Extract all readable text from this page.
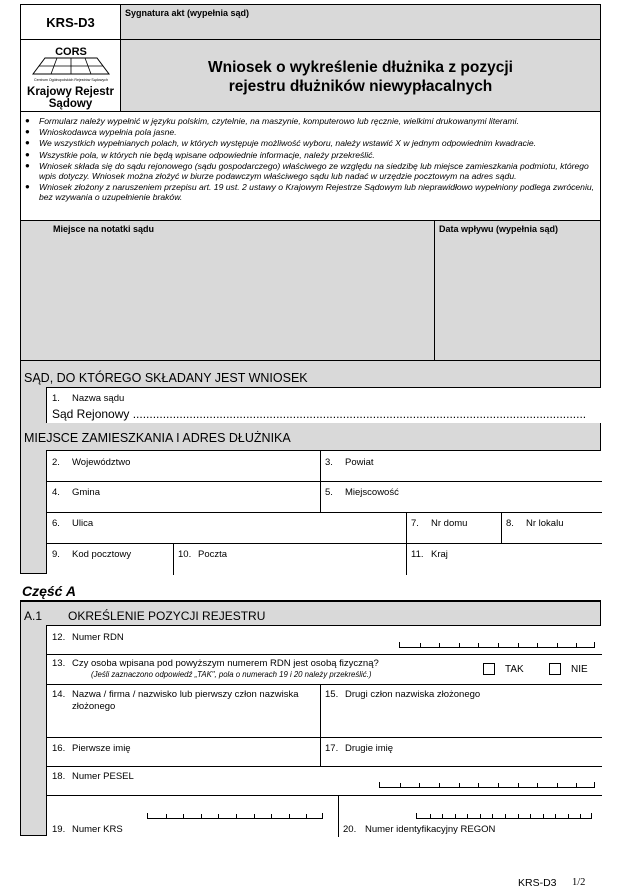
KRS-D3
Sygnatura akt (wypełnia sąd)
CORS
Centrum Ogólnopolskich Rejestrów Sądowych
Krajowy Rejestr
Sądowy
Wniosek o wykreślenie dłużnika z pozycji
rejestru dłużników niewypłacalnych
● Formularz należy wypełnić w języku polskim, czytelnie, na maszynie, komputerowo lub ręcznie, wielkimi drukowanymi literami.
● Wnioskodawca wypełnia pola jasne.
● We wszystkich wypełnianych polach, w których występuje możliwość wyboru, należy wstawić X w jednym odpowiednim kwadracie.
● Wszystkie pola, w których nie będą wpisane odpowiednie informacje, należy przekreślić.
● Wniosek składa się do sądu rejonowego (sądu gospodarczego) właściwego ze względu na siedzibę lub miejsce zamieszkania podmiotu, którego wpis dotyczy. Wniosek można złożyć w biurze podawczym właściwego sądu lub nadać w urzędzie pocztowym na adres sądu.
● Wniosek złożony z naruszeniem przepisu art. 19 ust. 2 ustawy o Krajowym Rejestrze Sądowym lub nieprawidłowo wypełniony podlega zwróceniu, bez wzywania o uzupełnienie braków.
Miejsce na notatki sądu	Data wpływu (wypełnia sąd)
SĄD, DO KTÓREGO SKŁADANY JEST WNIOSEK
1. Nazwa sądu
Sąd Rejonowy ........................................................................................................................................
MIEJSCE ZAMIESZKANIA I ADRES DŁUŻNIKA
2. Województwo	3. Powiat
4. Gmina	5. Miejscowość
6. Ulica	7. Nr domu	8. Nr lokalu
9. Kod pocztowy	10. Poczta	11. Kraj
Część A
A.1 OKREŚLENIE POZYCJI REJESTRU
12. Numer RDN
13. Czy osoba wpisana pod powyższym numerem RDN jest osobą fizyczną?
(Jeśli zaznaczono odpowiedź „TAK", pola o numerach 19 i 20 należy przekreślić.)	TAK	NIE
14. Nazwa / firma / nazwisko lub pierwszy człon nazwiska
złożonego
15. Drugi człon nazwiska złożonego
16. Pierwsze imię	17. Drugie imię
18. Numer PESEL
19. Numer KRS	20. Numer identyfikacyjny REGON
KRS-D3 1/2
